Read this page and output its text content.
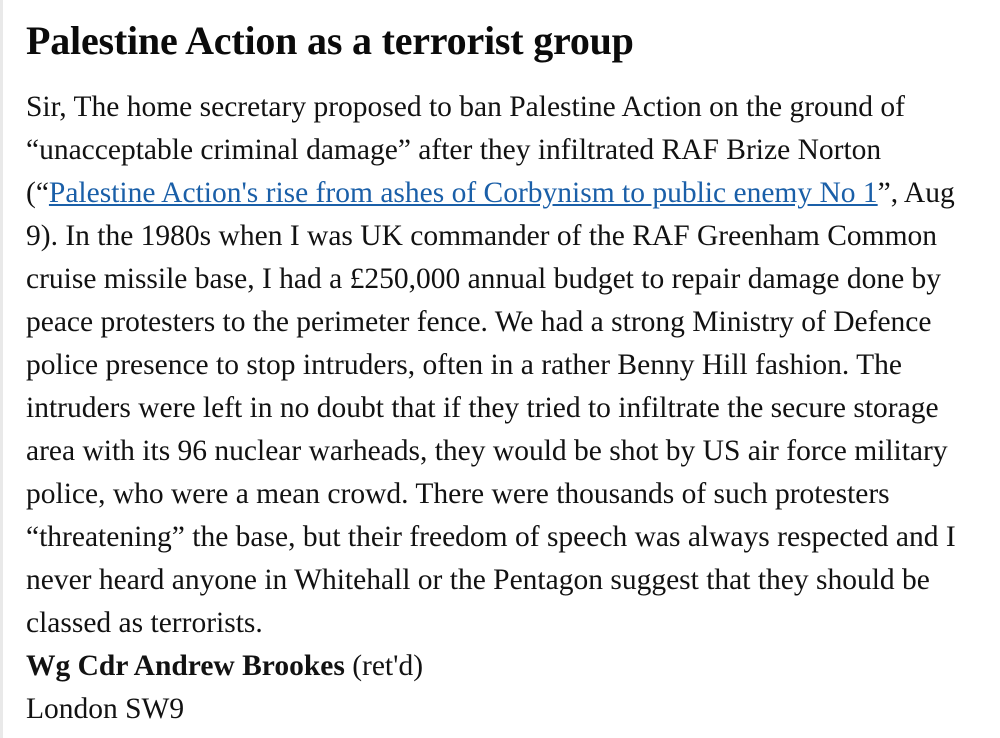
Palestine Action as a terrorist group

Sir, The home secretary proposed to ban Palestine Action on the ground of “unacceptable criminal damage” after they infiltrated RAF Brize Norton (“Palestine Action's rise from ashes of Corbynism to public enemy No 1”, Aug 9). In the 1980s when I was UK commander of the RAF Greenham Common cruise missile base, I had a £250,000 annual budget to repair damage done by peace protesters to the perimeter fence. We had a strong Ministry of Defence police presence to stop intruders, often in a rather Benny Hill fashion. The intruders were left in no doubt that if they tried to infiltrate the secure storage area with its 96 nuclear warheads, they would be shot by US air force military police, who were a mean crowd. There were thousands of such protesters “threatening” the base, but their freedom of speech was always respected and I never heard anyone in Whitehall or the Pentagon suggest that they should be classed as terrorists.

Wg Cdr Andrew Brookes (ret'd)
London SW9
